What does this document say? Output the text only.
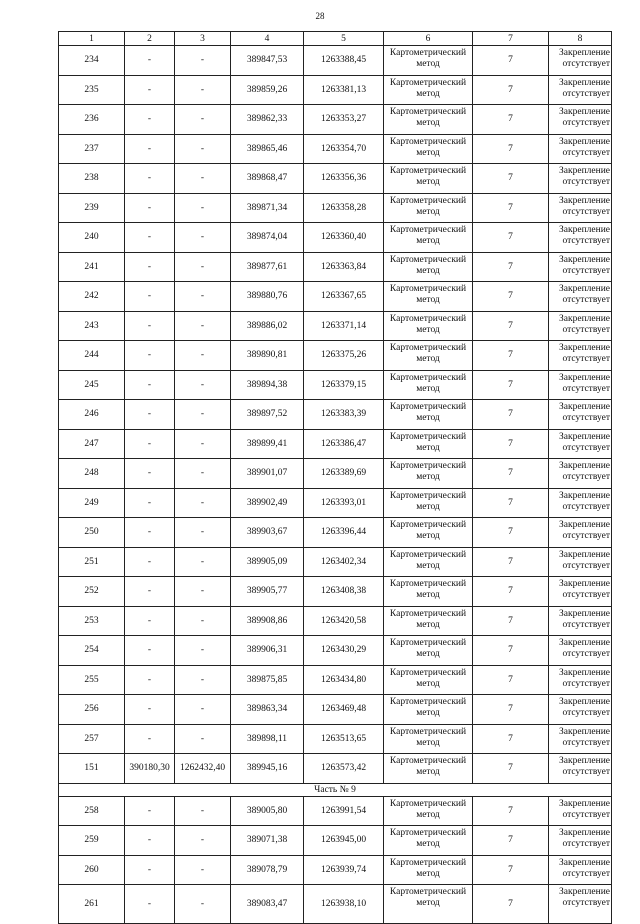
28
1	2	3	4	5	6	7	8
234	-	-	389847,53	1263388,45	Картометрический метод	7	Закрепление отсутствует
235	-	-	389859,26	1263381,13	Картометрический метод	7	Закрепление отсутствует
236	-	-	389862,33	1263353,27	Картометрический метод	7	Закрепление отсутствует
237	-	-	389865,46	1263354,70	Картометрический метод	7	Закрепление отсутствует
238	-	-	389868,47	1263356,36	Картометрический метод	7	Закрепление отсутствует
239	-	-	389871,34	1263358,28	Картометрический метод	7	Закрепление отсутствует
240	-	-	389874,04	1263360,40	Картометрический метод	7	Закрепление отсутствует
241	-	-	389877,61	1263363,84	Картометрический метод	7	Закрепление отсутствует
242	-	-	389880,76	1263367,65	Картометрический метод	7	Закрепление отсутствует
243	-	-	389886,02	1263371,14	Картометрический метод	7	Закрепление отсутствует
244	-	-	389890,81	1263375,26	Картометрический метод	7	Закрепление отсутствует
245	-	-	389894,38	1263379,15	Картометрический метод	7	Закрепление отсутствует
246	-	-	389897,52	1263383,39	Картометрический метод	7	Закрепление отсутствует
247	-	-	389899,41	1263386,47	Картометрический метод	7	Закрепление отсутствует
248	-	-	389901,07	1263389,69	Картометрический метод	7	Закрепление отсутствует
249	-	-	389902,49	1263393,01	Картометрический метод	7	Закрепление отсутствует
250	-	-	389903,67	1263396,44	Картометрический метод	7	Закрепление отсутствует
251	-	-	389905,09	1263402,34	Картометрический метод	7	Закрепление отсутствует
252	-	-	389905,77	1263408,38	Картометрический метод	7	Закрепление отсутствует
253	-	-	389908,86	1263420,58	Картометрический метод	7	Закрепление отсутствует
254	-	-	389906,31	1263430,29	Картометрический метод	7	Закрепление отсутствует
255	-	-	389875,85	1263434,80	Картометрический метод	7	Закрепление отсутствует
256	-	-	389863,34	1263469,48	Картометрический метод	7	Закрепление отсутствует
257	-	-	389898,11	1263513,65	Картометрический метод	7	Закрепление отсутствует
151	390180,30	1262432,40	389945,16	1263573,42	Картометрический метод	7	Закрепление отсутствует
Часть № 9							
258	-	-	389005,80	1263991,54	Картометрический метод	7	Закрепление отсутствует
259	-	-	389071,38	1263945,00	Картометрический метод	7	Закрепление отсутствует
260	-	-	389078,79	1263939,74	Картометрический метод	7	Закрепление отсутствует
261	-	-	389083,47	1263938,10	Картометрический метод	7	Закрепление отсутствует
